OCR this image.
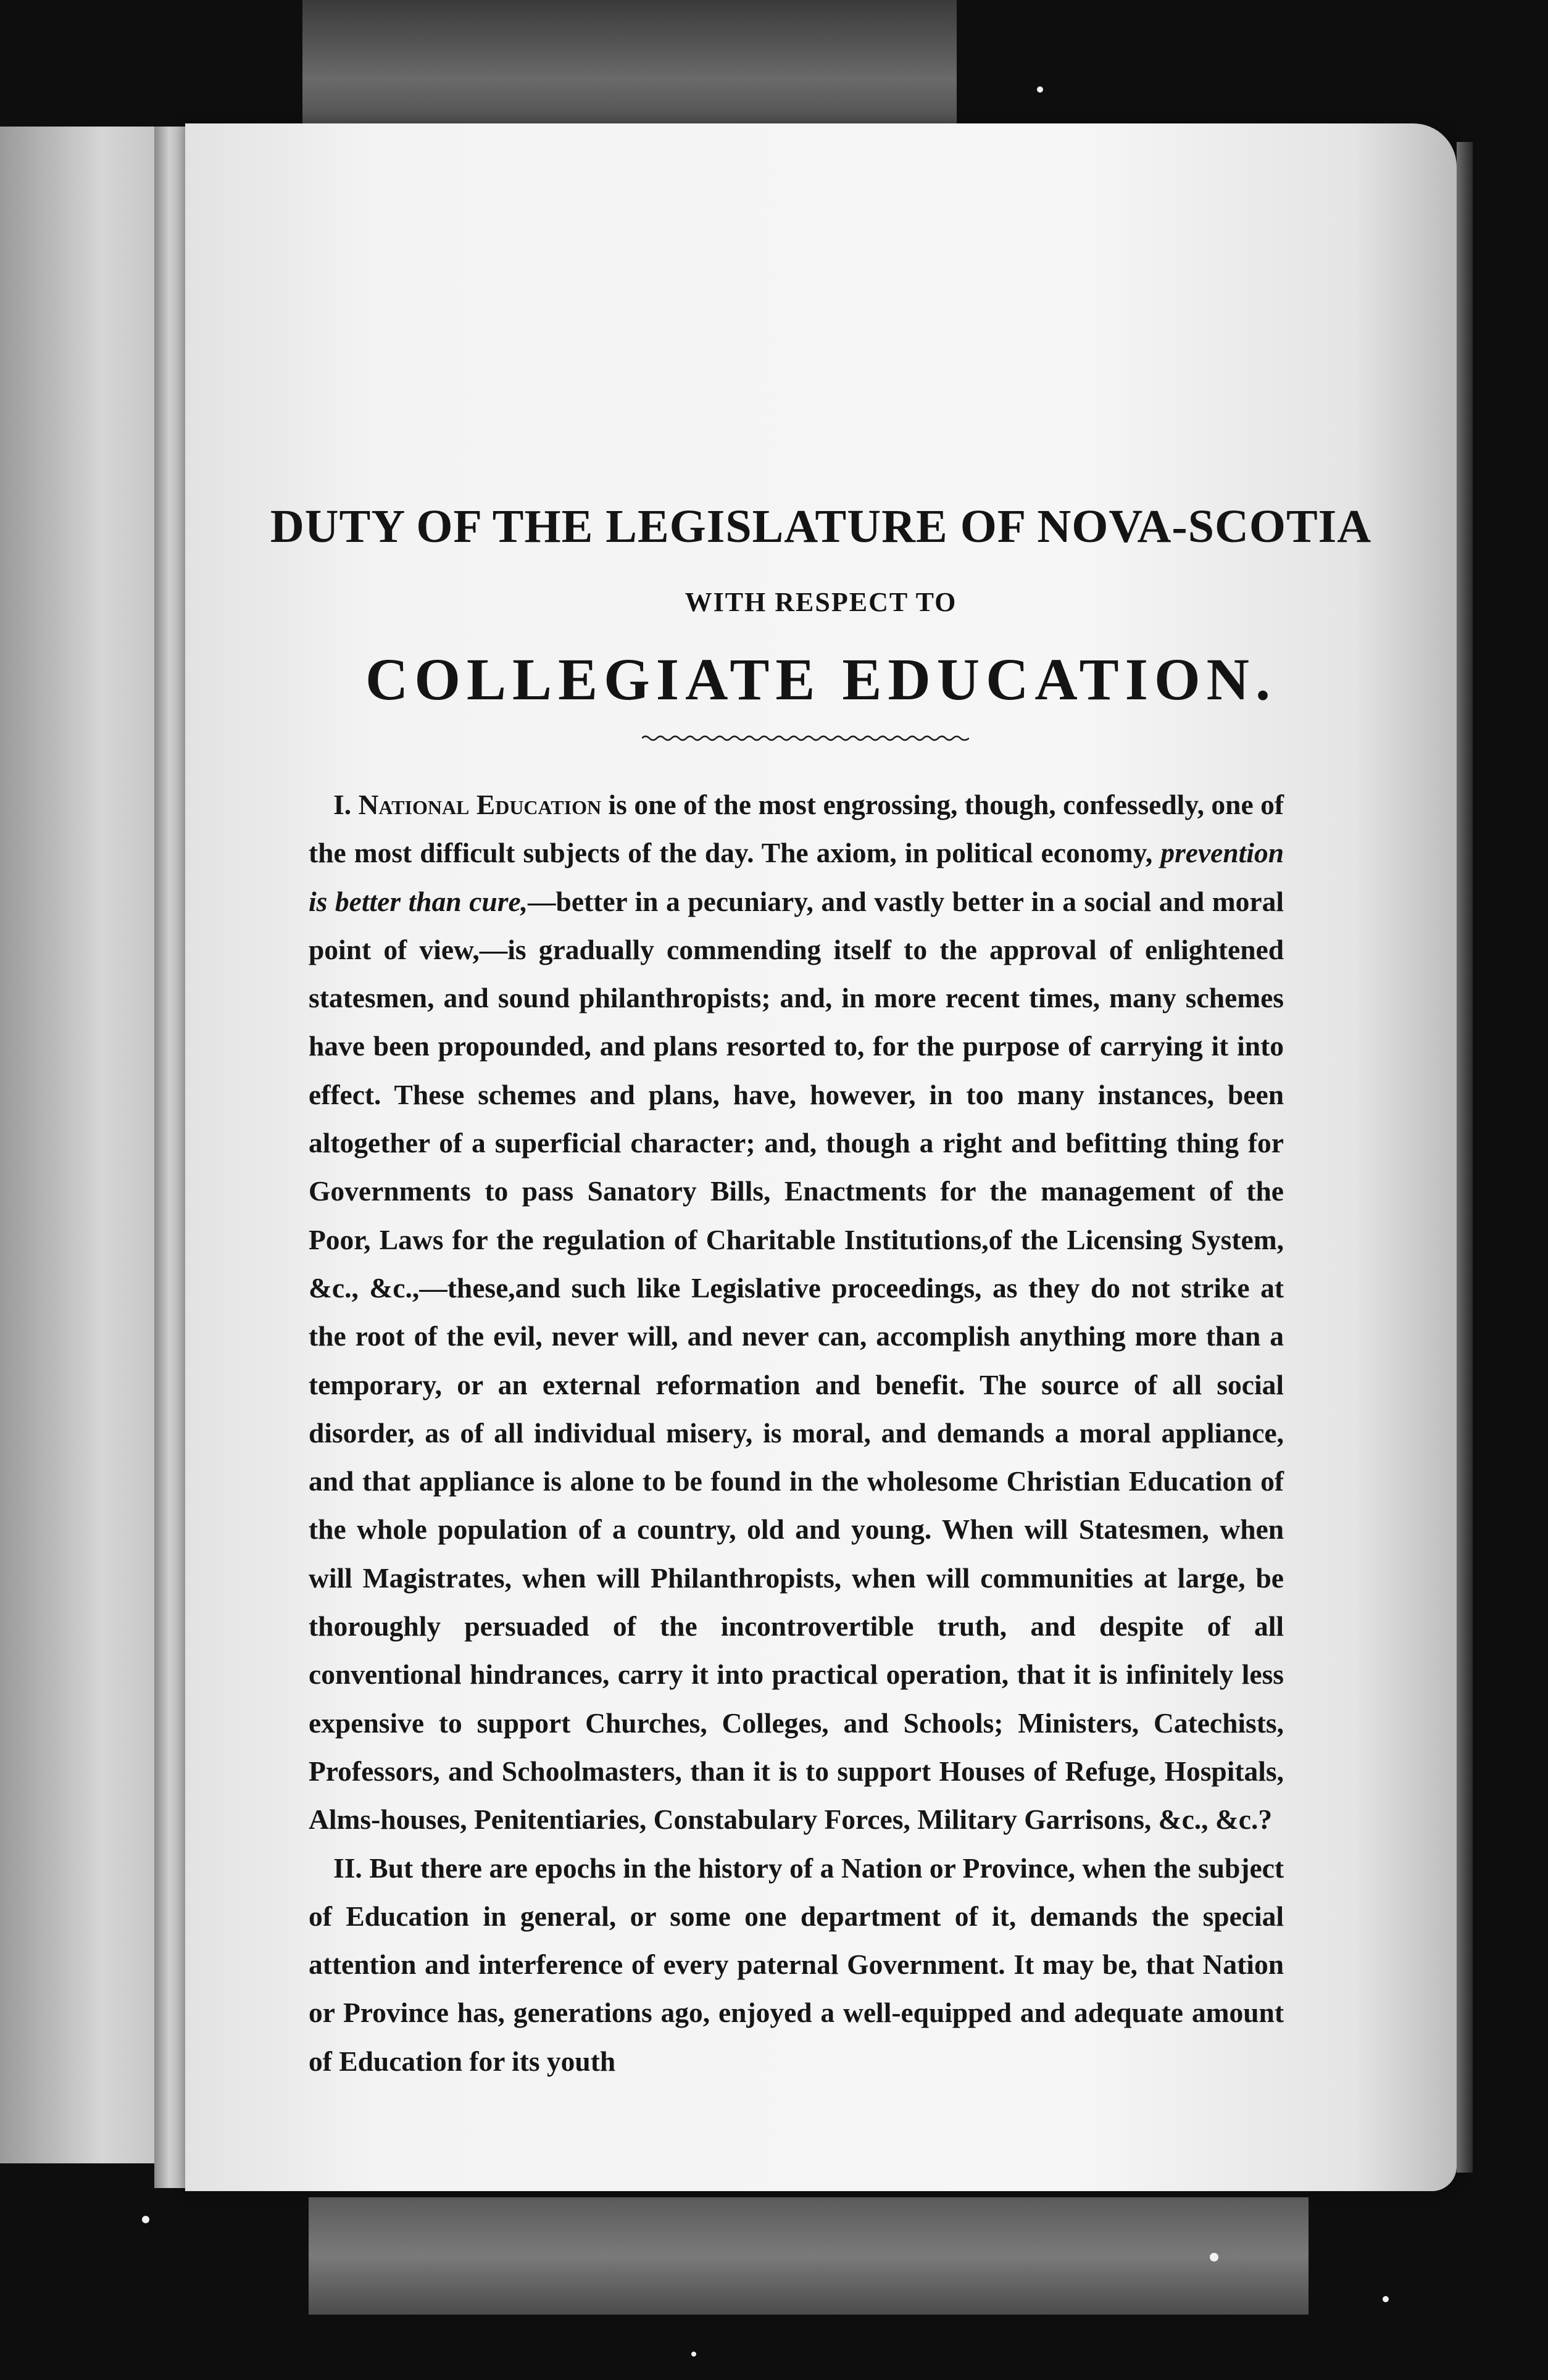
DUTY OF THE LEGISLATURE OF NOVA-SCOTIA
WITH RESPECT TO
COLLEGIATE EDUCATION.

I. National Education is one of the most engrossing, though, confessedly, one of the most difficult subjects of the day. The axiom, in political economy, prevention is better than cure,—better in a pecuniary, and vastly better in a social and moral point of view,—is gradually commending itself to the approval of enlightened statesmen, and sound philanthropists; and, in more recent times, many schemes have been propounded, and plans resorted to, for the purpose of carrying it into effect. These schemes and plans, have, however, in too many instances, been altogether of a superficial character; and, though a right and befitting thing for Governments to pass Sanatory Bills, Enactments for the management of the Poor, Laws for the regulation of Charitable Institutions,of the Licensing System, &c., &c.,—these,and such like Legislative proceedings, as they do not strike at the root of the evil, never will, and never can, accomplish anything more than a temporary, or an external reformation and benefit. The source of all social disorder, as of all individual misery, is moral, and demands a moral appliance, and that appliance is alone to be found in the wholesome Christian Education of the whole population of a country, old and young. When will Statesmen, when will Magistrates, when will Philanthropists, when will communities at large, be thoroughly persuaded of the incontrovertible truth, and despite of all conventional hindrances, carry it into practical operation, that it is infinitely less expensive to support Churches, Colleges, and Schools; Ministers, Catechists, Professors, and Schoolmasters, than it is to support Houses of Refuge, Hospitals, Alms-houses, Penitentiaries, Constabulary Forces, Military Garrisons, &c., &c.?

II. But there are epochs in the history of a Nation or Province, when the subject of Education in general, or some one department of it, demands the special attention and interference of every paternal Government. It may be, that Nation or Province has, generations ago, enjoyed a well-equipped and adequate amount of Education for its youth
